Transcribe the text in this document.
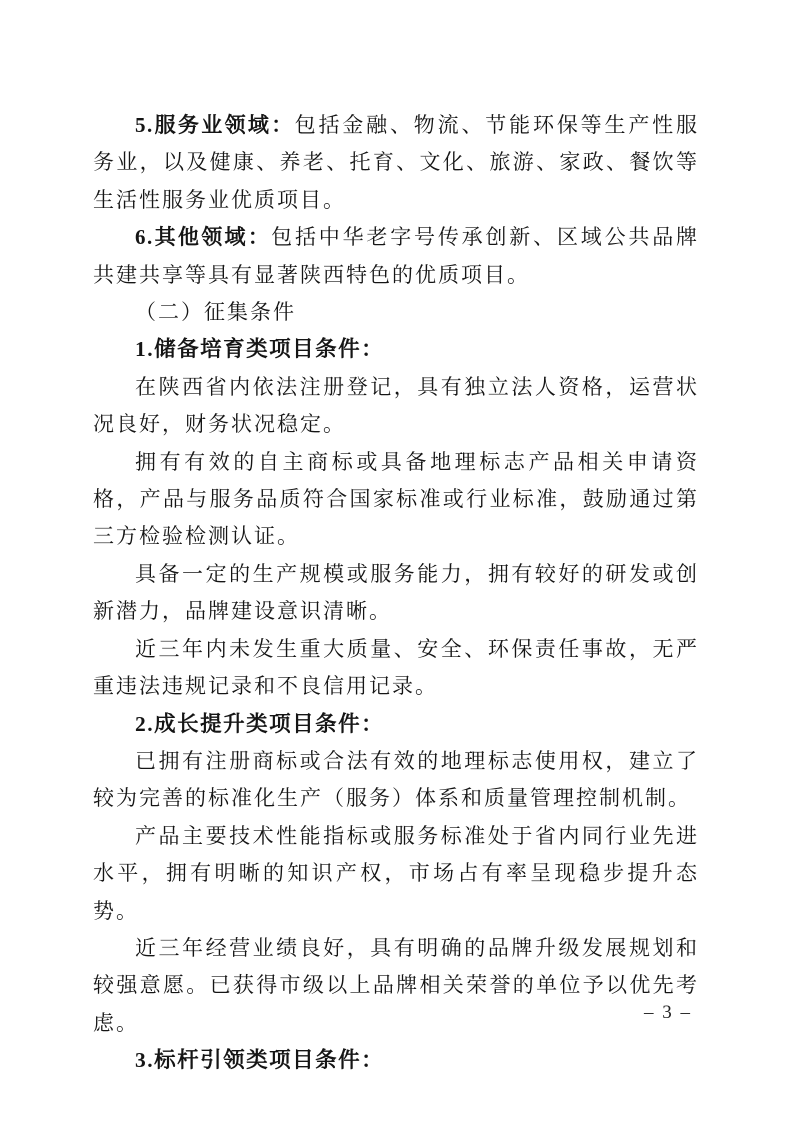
5.服务业领域：包括金融、物流、节能环保等生产性服务业，以及健康、养老、托育、文化、旅游、家政、餐饮等生活性服务业优质项目。

6.其他领域：包括中华老字号传承创新、区域公共品牌共建共享等具有显著陕西特色的优质项目。

（二）征集条件

1.储备培育类项目条件：

在陕西省内依法注册登记，具有独立法人资格，运营状况良好，财务状况稳定。

拥有有效的自主商标或具备地理标志产品相关申请资格，产品与服务品质符合国家标准或行业标准，鼓励通过第三方检验检测认证。

具备一定的生产规模或服务能力，拥有较好的研发或创新潜力，品牌建设意识清晰。

近三年内未发生重大质量、安全、环保责任事故，无严重违法违规记录和不良信用记录。

2.成长提升类项目条件：

已拥有注册商标或合法有效的地理标志使用权，建立了较为完善的标准化生产（服务）体系和质量管理控制机制。

产品主要技术性能指标或服务标准处于省内同行业先进水平，拥有明晰的知识产权，市场占有率呈现稳步提升态势。

近三年经营业绩良好，具有明确的品牌升级发展规划和较强意愿。已获得市级以上品牌相关荣誉的单位予以优先考虑。

3.标杆引领类项目条件：

– 3 –
